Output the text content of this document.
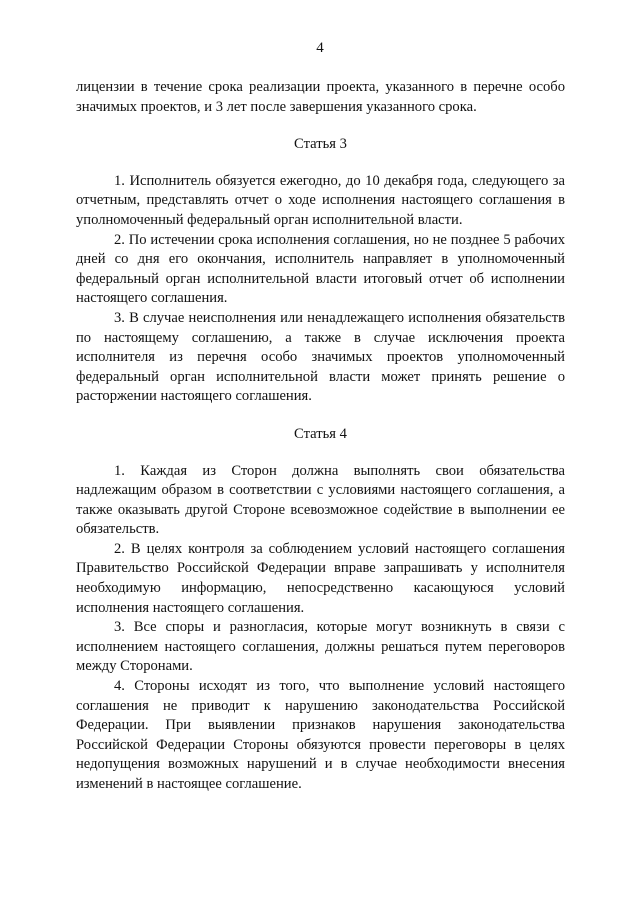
4

лицензии в течение срока реализации проекта, указанного в перечне особо значимых проектов, и 3 лет после завершения указанного срока.

Статья 3

1. Исполнитель обязуется ежегодно, до 10 декабря года, следующего за отчетным, представлять отчет о ходе исполнения настоящего соглашения в уполномоченный федеральный орган исполнительной власти.

2. По истечении срока исполнения соглашения, но не позднее 5 рабочих дней со дня его окончания, исполнитель направляет в уполномоченный федеральный орган исполнительной власти итоговый отчет об исполнении настоящего соглашения.

3. В случае неисполнения или ненадлежащего исполнения обязательств по настоящему соглашению, а также в случае исключения проекта исполнителя из перечня особо значимых проектов уполномоченный федеральный орган исполнительной власти может принять решение о расторжении настоящего соглашения.

Статья 4

1. Каждая из Сторон должна выполнять свои обязательства надлежащим образом в соответствии с условиями настоящего соглашения, а также оказывать другой Стороне всевозможное содействие в выполнении ее обязательств.

2. В целях контроля за соблюдением условий настоящего соглашения Правительство Российской Федерации вправе запрашивать у исполнителя необходимую информацию, непосредственно касающуюся условий исполнения настоящего соглашения.

3. Все споры и разногласия, которые могут возникнуть в связи с исполнением настоящего соглашения, должны решаться путем переговоров между Сторонами.

4. Стороны исходят из того, что выполнение условий настоящего соглашения не приводит к нарушению законодательства Российской Федерации. При выявлении признаков нарушения законодательства Российской Федерации Стороны обязуются провести переговоры в целях недопущения возможных нарушений и в случае необходимости внесения изменений в настоящее соглашение.
